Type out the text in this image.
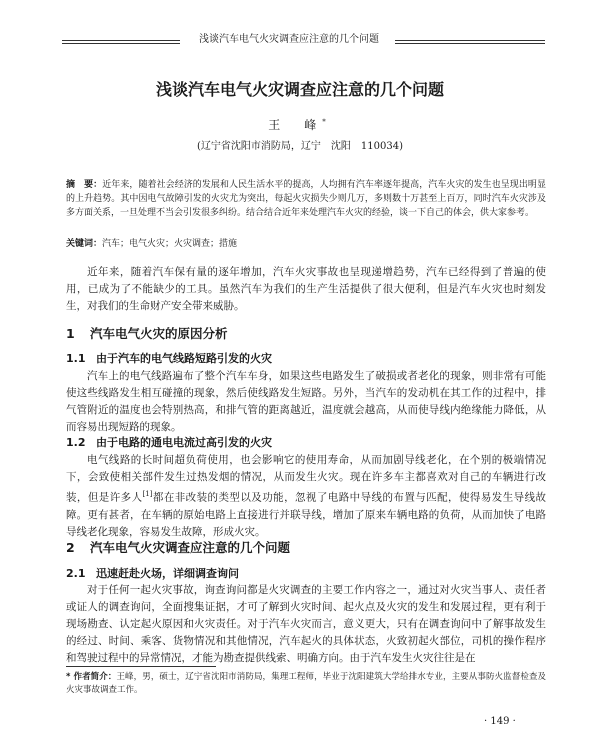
浅谈汽车电气火灾调查应注意的几个问题
浅谈汽车电气火灾调查应注意的几个问题
王　峰*
(辽宁省沈阳市消防局，辽宁　沈阳　110034)
摘　要：近年来，随着社会经济的发展和人民生活水平的提高，人均拥有汽车率逐年提高，汽车火灾的发生也呈现出明显的上升趋势。其中因电气故障引发的火灾尤为突出，每起火灾损失少则几万，多则数十万甚至上百万，同时汽车火灾涉及多方面关系，一旦处理不当会引发很多纠纷。结合结合近年来处理汽车火灾的经验，谈一下自己的体会，供大家参考。
关键词：汽车；电气火灾；火灾调查；措施
近年来，随着汽车保有量的逐年增加，汽车火灾事故也呈现递增趋势，汽车已经得到了普遍的使用，已成为了不能缺少的工具。虽然汽车为我们的生产生活提供了很大便利，但是汽车火灾也时刻发生，对我们的生命财产安全带来威胁。
1 汽车电气火灾的原因分析
1.1 由于汽车的电气线路短路引发的火灾
汽车上的电气线路遍布了整个汽车车身，如果这些电路发生了破损或者老化的现象，则非常有可能使这些线路发生相互碰撞的现象，然后使线路发生短路。另外，当汽车的发动机在其工作的过程中，排气管附近的温度也会特别热高，和排气管的距离越近，温度就会越高，从而使导线内绝缘能力降低，从而容易出现短路的现象。
1.2 由于电路的通电电流过高引发的火灾
电气线路的长时间超负荷使用，也会影响它的使用寿命，从而加剧导线老化，在个别的极端情况下，会致使相关部件发生过热发烟的情况，从而发生火灾。现在许多车主都喜欢对自己的车辆进行改装，但是许多人[1]都在非改装的类型以及功能，忽视了电路中导线的布置与匹配，使得易发生导线故障。更有甚者，在车辆的原始电路上直接进行并联导线，增加了原来车辆电路的负荷，从而加快了电路导线老化现象，容易发生故障，形成火灾。
2 汽车电气火灾调查应注意的几个问题
2.1 迅速赶赴火场，详细调查询问
对于任何一起火灾事故，询查询问都是火灾调查的主要工作内容之一，通过对火灾当事人、责任者或证人的调查询问，全面搜集证据，才可了解到火灾时间、起火点及火灾的发生和发展过程，更有利于现场勘查、认定起火原因和火灾责任。对于汽车火灾而言，意义更大，只有在调查询问中了解事故发生的经过、时间、乘客、货物情况和其他情况，汽车起火的具体状态，火致初起火部位，司机的操作程序和驾驶过程中的异常情况，才能为勘查提供线索、明确方向。由于汽车发生火灾往往是在
* 作者简介：王峰，男，硕士，辽宁省沈阳市消防局，集理工程师，毕业于沈阳建筑大学给排水专业，主要从事防火监督检查及火灾事故调查工作。
· 149 ·
